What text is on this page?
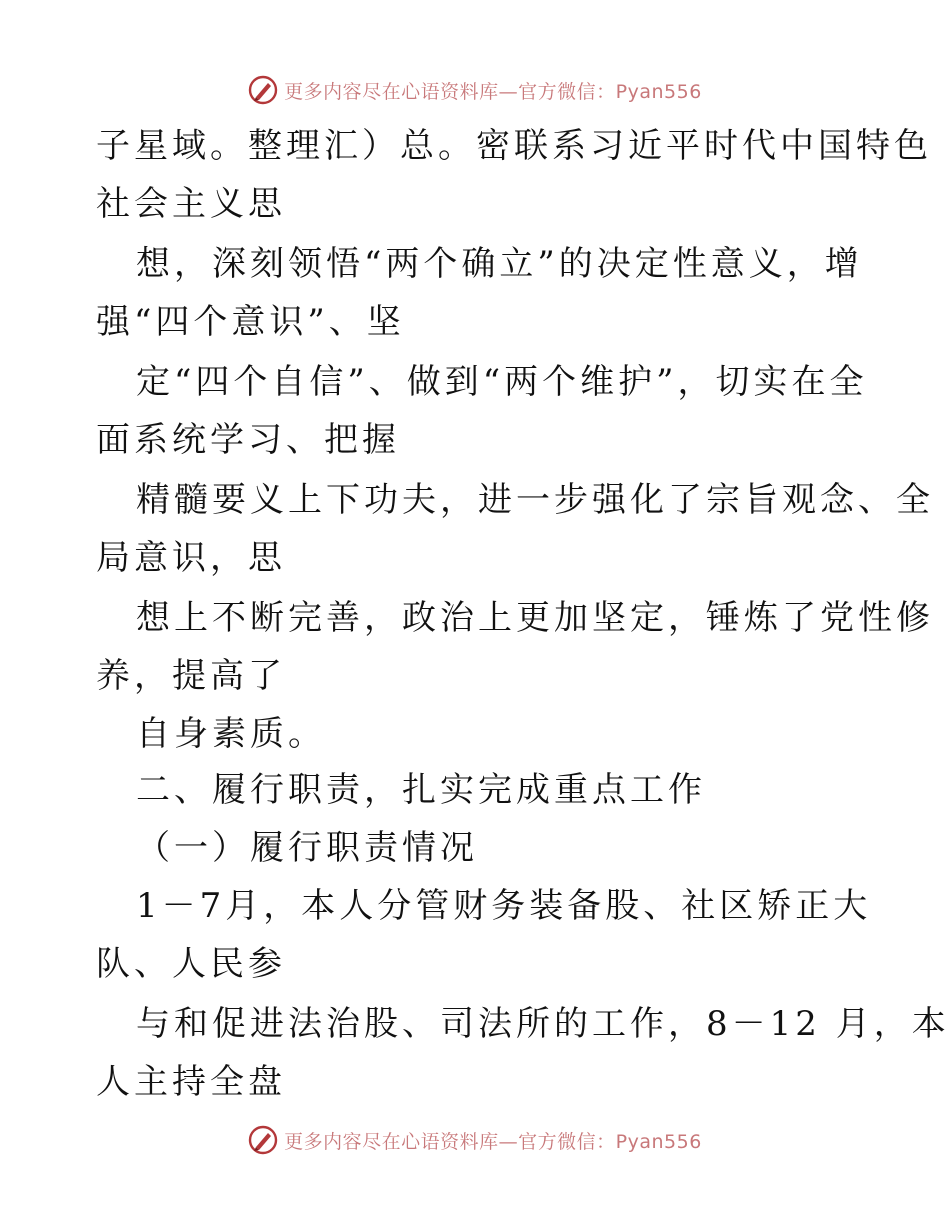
更多内容尽在心语资料库—官方微信：Pyan556
子星域。整理汇）总。密联系习近平时代中国特色
社会主义思
想，深刻领悟“两个确立”的决定性意义，增
强“四个意识”、坚
定“四个自信”、做到“两个维护”，切实在全
面系统学习、把握
精髓要义上下功夫，进一步强化了宗旨观念、全
局意识，思
想上不断完善，政治上更加坚定，锤炼了党性修
养，提高了
自身素质。
二、履行职责，扎实完成重点工作
（一）履行职责情况
1－7月，本人分管财务装备股、社区矫正大
队、人民参
与和促进法治股、司法所的工作，8－12 月，本
人主持全盘
更多内容尽在心语资料库—官方微信：Pyan556
